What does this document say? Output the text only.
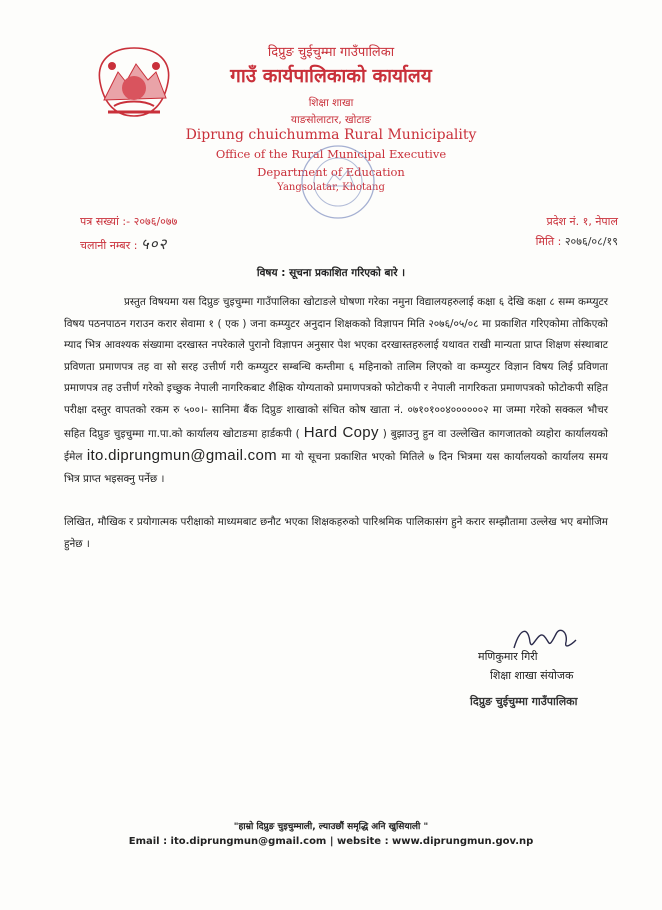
दिप्रुङ चुईचुम्मा गाउँपालिका
गाउँ कार्यपालिकाको कार्यालय
शिक्षा शाखा
याङसोलाटार, खोटाङ
Diprung chuichumma Rural Municipality
Office of the Rural Municipal Executive
Department of Education
Yangsolatar, Khotang
पत्र सख्यां :- २०७६/०७७
चलानी नम्बर : ५०२
प्रदेश नं. १, नेपाल
मिति : २०७६/०८/१९
विषय : सूचना प्रकाशित गरिएको बारे ।

प्रस्तुत विषयमा यस दिप्रुङ चुइचुम्मा गाउँपालिका खोटाङले घोषणा गरेका नमुना विद्यालयहरुलाई कक्षा ६ देखि कक्षा ८ सम्म कम्प्युटर विषय पठनपाठन गराउन करार सेवामा १ ( एक ) जना कम्प्युटर अनुदान शिक्षकको विज्ञापन मिति २०७६/०५/०८ मा प्रकाशित गरिएकोमा तोकिएको म्याद भित्र आवश्यक संख्यामा दरखास्त नपरेकाले पुरानो विज्ञापन अनुसार पेश भएका दरखास्तहरुलाई यथावत राखी मान्यता प्राप्त शिक्षण संस्थाबाट प्रविणता प्रमाणपत्र तह वा सो सरह उत्तीर्ण गरी कम्प्युटर सम्बन्धि कम्तीमा ६ महिनाको तालिम लिएको वा कम्प्युटर विज्ञान विषय लिई प्रविणता प्रमाणपत्र तह उत्तीर्ण गरेको इच्छुक नेपाली नागरिकबाट शैक्षिक योग्यताको प्रमाणपत्रको फोटोकपी र नेपाली नागरिकता प्रमाणपत्रको फोटोकपी सहित परीक्षा दस्तुर वापतको रकम रु ५००।- सानिमा बैंक दिप्रुङ शाखाको संचित कोष खाता नं. ०७१०१००४००००००२ मा जम्मा गरेको सक्कल भौचर सहित दिप्रुङ चुइचुम्मा गा.पा.को कार्यालय खोटाङमा हार्डकपी ( Hard Copy ) बुझाउनु हुन वा उल्लेखित कागजातको व्यहोरा कार्यालयको ईमेल ito.diprungmun@gmail.com मा यो सूचना प्रकाशित भएको मितिले ७ दिन भित्रमा यस कार्यालयको कार्यालय समय भित्र प्राप्त भइसक्नु पर्नेछ ।

लिखित, मौखिक र प्रयोगात्मक परीक्षाको माध्यमबाट छनौट भएका शिक्षकहरुको पारिश्रमिक पालिकासंग हुने करार सम्झौतामा उल्लेख भए बमोजिम हुनेछ ।

मणिकुमार गिरी
शिक्षा शाखा संयोजक
दिप्रुङ चुईचुम्मा गाउँपालिका
"हाम्रो दिप्रुङ चुइचुम्माली, ल्याउछौं समृद्धि अनि खुसियाली "
Email : ito.diprungmun@gmail.com | website : www.diprungmun.gov.np
